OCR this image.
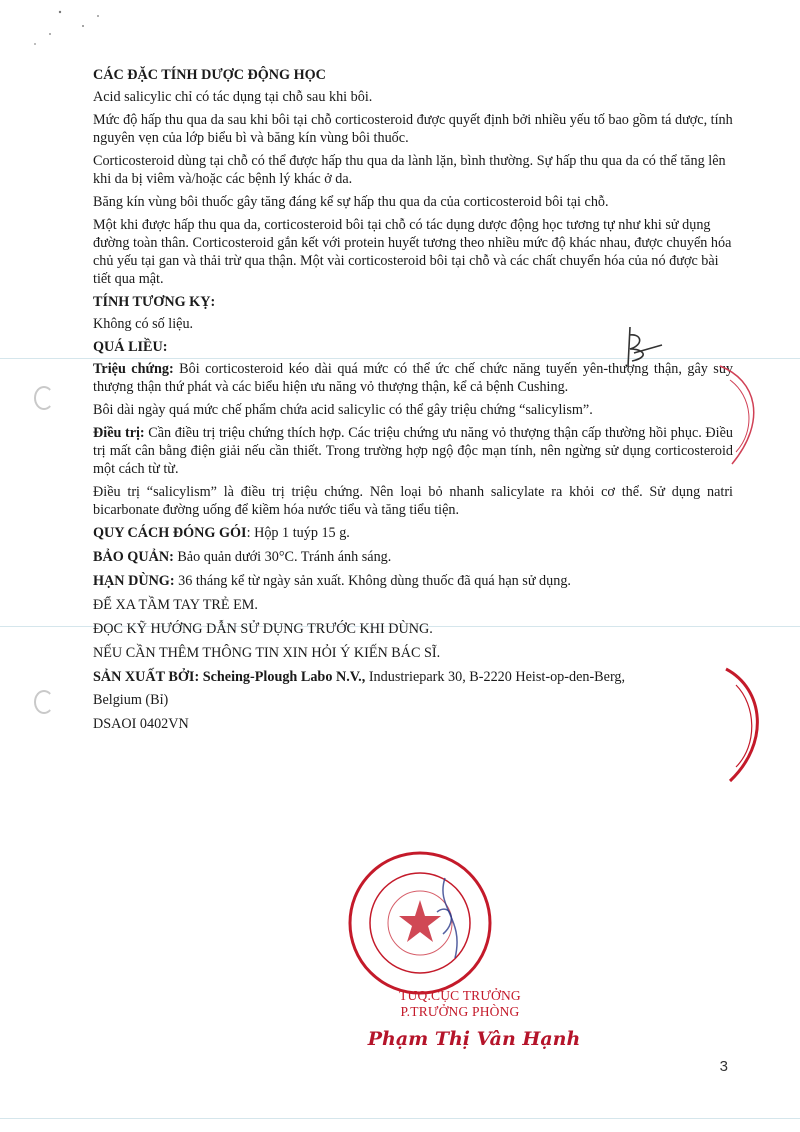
CÁC ĐẶC TÍNH DƯỢC ĐỘNG HỌC
Acid salicylic chỉ có tác dụng tại chỗ sau khi bôi.
Mức độ hấp thu qua da sau khi bôi tại chỗ corticosteroid được quyết định bởi nhiều yếu tố bao gồm tá dược, tính nguyên vẹn của lớp biểu bì và băng kín vùng bôi thuốc.
Corticosteroid dùng tại chỗ có thể được hấp thu qua da lành lặn, bình thường. Sự hấp thu qua da có thể tăng lên khi da bị viêm và/hoặc các bệnh lý khác ở da.
Băng kín vùng bôi thuốc gây tăng đáng kể sự hấp thu qua da của corticosteroid bôi tại chỗ.
Một khi được hấp thu qua da, corticosteroid bôi tại chỗ có tác dụng dược động học tương tự như khi sử dụng đường toàn thân. Corticosteroid gắn kết với protein huyết tương theo nhiều mức độ khác nhau, được chuyển hóa chủ yếu tại gan và thải trừ qua thận. Một vài corticosteroid bôi tại chỗ và các chất chuyển hóa của nó được bài tiết qua mật.
TÍNH TƯƠNG KỴ:
Không có số liệu.
QUÁ LIỀU:
Triệu chứng: Bôi corticosteroid kéo dài quá mức có thể ức chế chức năng tuyến yên-thượng thận, gây suy thượng thận thứ phát và các biểu hiện ưu năng vỏ thượng thận, kể cả bệnh Cushing.
Bôi dài ngày quá mức chế phẩm chứa acid salicylic có thể gây triệu chứng “salicylism”.
Điều trị: Cần điều trị triệu chứng thích hợp. Các triệu chứng ưu năng vỏ thượng thận cấp thường hồi phục. Điều trị mất cân bằng điện giải nếu cần thiết. Trong trường hợp ngộ độc mạn tính, nên ngừng sử dụng corticosteroid một cách từ từ.
Điều trị “salicylism” là điều trị triệu chứng. Nên loại bỏ nhanh salicylate ra khỏi cơ thể. Sử dụng natri bicarbonate đường uống để kiềm hóa nước tiểu và tăng tiểu tiện.
QUY CÁCH ĐÓNG GÓI: Hộp 1 tuýp 15 g.
BẢO QUẢN: Bảo quản dưới 30°C. Tránh ánh sáng.
HẠN DÙNG: 36 tháng kể từ ngày sản xuất. Không dùng thuốc đã quá hạn sử dụng.
ĐỂ XA TẦM TAY TRẺ EM.
ĐỌC KỸ HƯỚNG DẪN SỬ DỤNG TRƯỚC KHI DÙNG.
NẾU CẦN THÊM THÔNG TIN XIN HỎI Ý KIẾN BÁC SĨ.
SẢN XUẤT BỞI: Scheing-Plough Labo N.V., Industriepark 30, B-2220 Heist-op-den-Berg,
Belgium (Bỉ)
DSAOI 0402VN
TUQ.CỤC TRƯỞNG
P.TRƯỞNG PHÒNG
Phạm Thị Vân Hạnh
3
